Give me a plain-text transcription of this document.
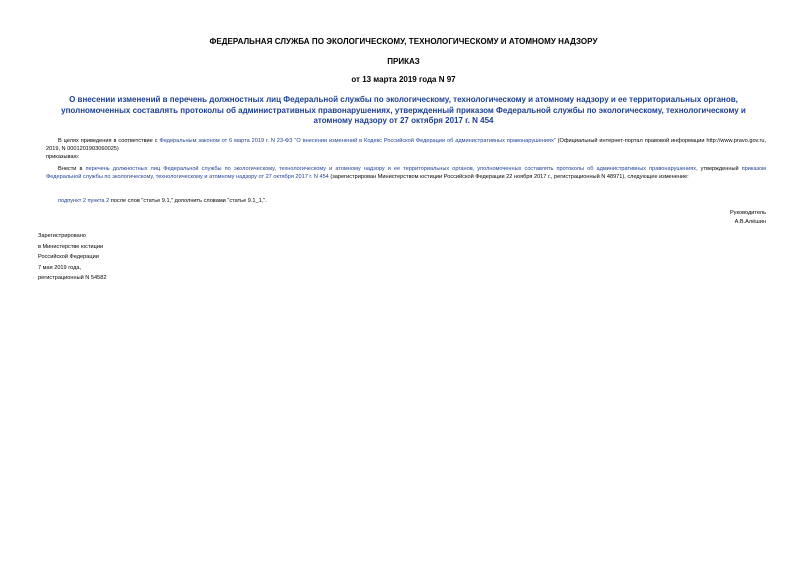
ФЕДЕРАЛЬНАЯ СЛУЖБА ПО ЭКОЛОГИЧЕСКОМУ, ТЕХНОЛОГИЧЕСКОМУ И АТОМНОМУ НАДЗОРУ
ПРИКАЗ
от 13 марта 2019 года N 97
О внесении изменений в перечень должностных лиц Федеральной службы по экологическому, технологическому и атомному надзору и ее территориальных органов, уполномоченных составлять протоколы об административных правонарушениях, утвержденный приказом Федеральной службы по экологическому, технологическому и атомному надзору от 27 октября 2017 г. N 454
В целях приведения в соответствие с Федеральным законом от 6 марта 2019 г. N 23-ФЗ "О внесении изменений в Кодекс Российской Федерации об административных правонарушениях" (Официальный интернет-портал правовой информации http://www.pravo.gov.ru, 2019, N 0001201903060025)
приказываю:
Внести в перечень должностных лиц Федеральной службы по экологическому, технологическому и атомному надзору и ее территориальных органов, уполномоченных составлять протоколы об административных правонарушениях, утвержденный приказом Федеральной службы по экологическому, технологическому и атомному надзору от 27 октября 2017 г. N 454 (зарегистрирован Министерством юстиции Российской Федерации 22 ноября 2017 г., регистрационный N 48971), следующее изменение:
подпункт 2 пункта 2 после слов "статье 9.1," дополнить словами "статье 9.1_1,".
Руководитель
А.В.Алёшин
Зарегистрировано
в Министерстве юстиции
Российской Федерации
7 мая 2019 года,
регистрационный N 54582
